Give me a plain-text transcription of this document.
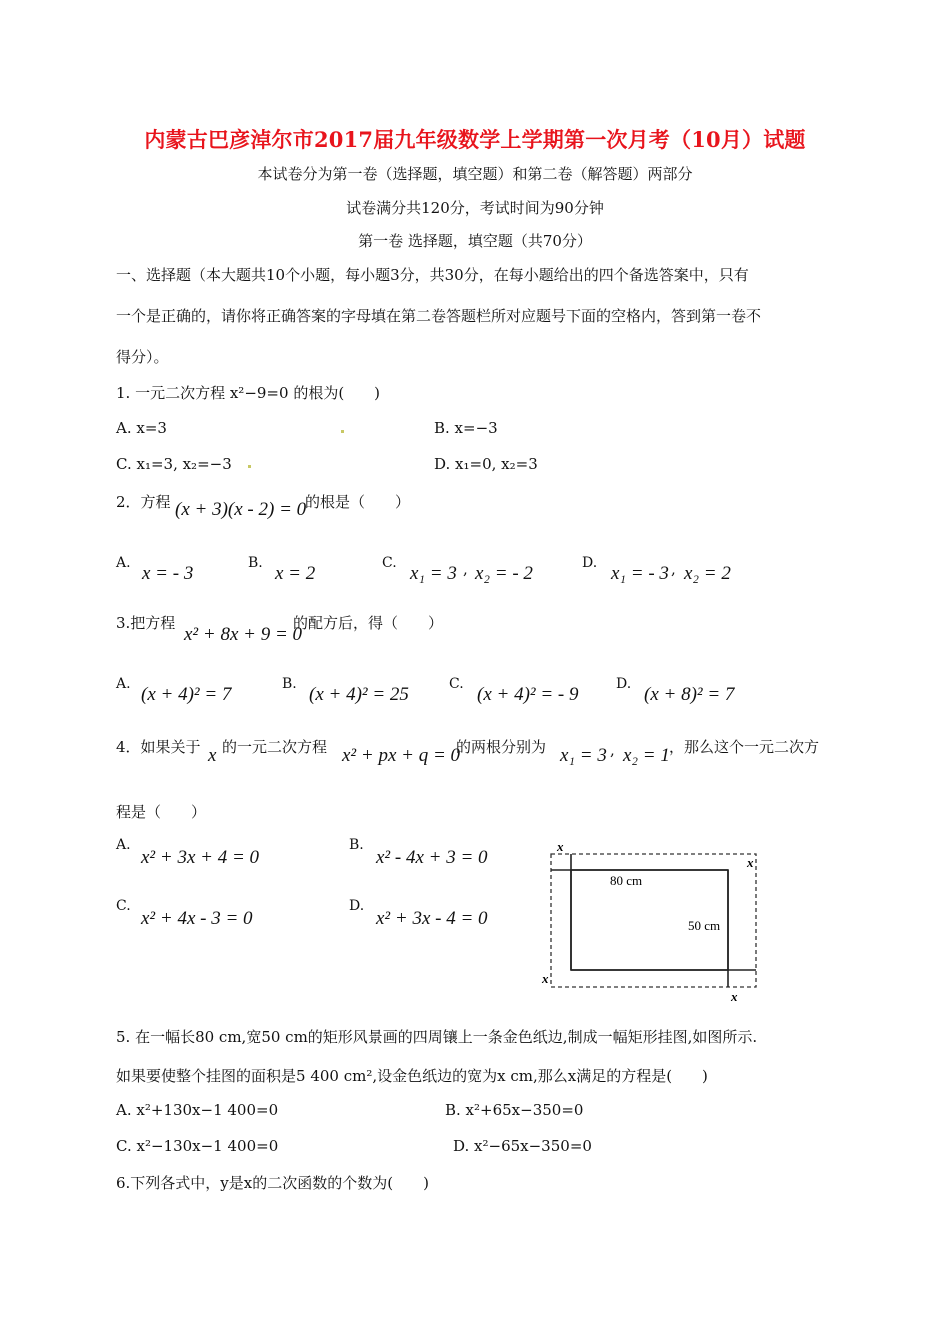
内蒙古巴彦淖尔市2017届九年级数学上学期第一次月考（10月）试题
本试卷分为第一卷（选择题，填空题）和第二卷（解答题）两部分
试卷满分共120分，考试时间为90分钟
第一卷 选择题，填空题（共70分）
一、选择题（本大题共10个小题，每小题3分，共30分，在每小题给出的四个备选答案中，只有
一个是正确的，请你将正确答案的字母填在第二卷答题栏所对应题号下面的空格内，答到第一卷不
得分）。
1. 一元二次方程 x²−9=0 的根为(　　)
A. x=3	B. x=−3
C. x₁=3, x₂=−3	D. x₁=0, x₂=3
2．方程 (x + 3)(x - 2) = 0
的根是（　　）
A. x = - 3	B. x = 2	C. x₁ = 3 , x₂ = - 2	D. x₁ = - 3 , x₂ = 2
3.把方程
x² + 8x + 9 = 0
的配方后，得（　　）
A. (x + 4)² = 7	B. (x + 4)² = 25	C. (x + 4)² = - 9	D. (x + 8)² = 7
4．如果关于 x 的一元二次方程 x² + px + q = 0
的两根分别为 x₁ = 3 , x₂ = 1 ，那么这个一元二次方
程是（　　）
A.
x² + 3x + 4 = 0
B.
x² - 4x + 3 = 0
C.
x² + 4x - 3 = 0
D.
x² + 3x - 4 = 0
80 cm
50 cm
x
x
x
x
5. 在一幅长80 cm,宽50 cm的矩形风景画的四周镶上一条金色纸边,制成一幅矩形挂图,如图所示.
如果要使整个挂图的面积是5 400 cm²,设金色纸边的宽为x cm,那么x满足的方程是(　　)
A. x²+130x−1 400=0	B. x²+65x−350=0
C. x²−130x−1 400=0	D. x²−65x−350=0
6.下列各式中，y是x的二次函数的个数为(　　)
